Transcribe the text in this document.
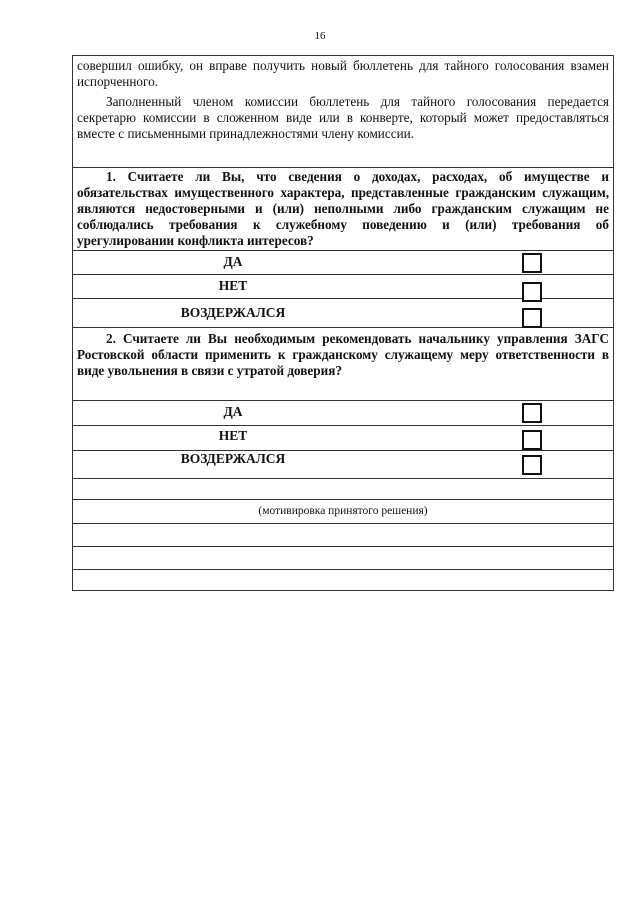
16
совершил ошибку, он вправе получить новый бюллетень для тайного голосования взамен испорченного.
Заполненный членом комиссии бюллетень для тайного голосования передается секретарю комиссии в сложенном виде или в конверте, который может предоставляться вместе с письменными принадлежностями члену комиссии.
1. Считаете ли Вы, что сведения о доходах, расходах, об имуществе и обязательствах имущественного характера, представленные гражданским служащим, являются недостоверными и (или) неполными либо гражданским служащим не соблюдались требования к служебному поведению и (или) требования об урегулировании конфликта интересов?
ДА
НЕТ
ВОЗДЕРЖАЛСЯ
2. Считаете ли Вы необходимым рекомендовать начальнику управления ЗАГС Ростовской области применить к гражданскому служащему меру ответственности в виде увольнения в связи с утратой доверия?
ДА
НЕТ
ВОЗДЕРЖАЛСЯ
(мотивировка принятого решения)
